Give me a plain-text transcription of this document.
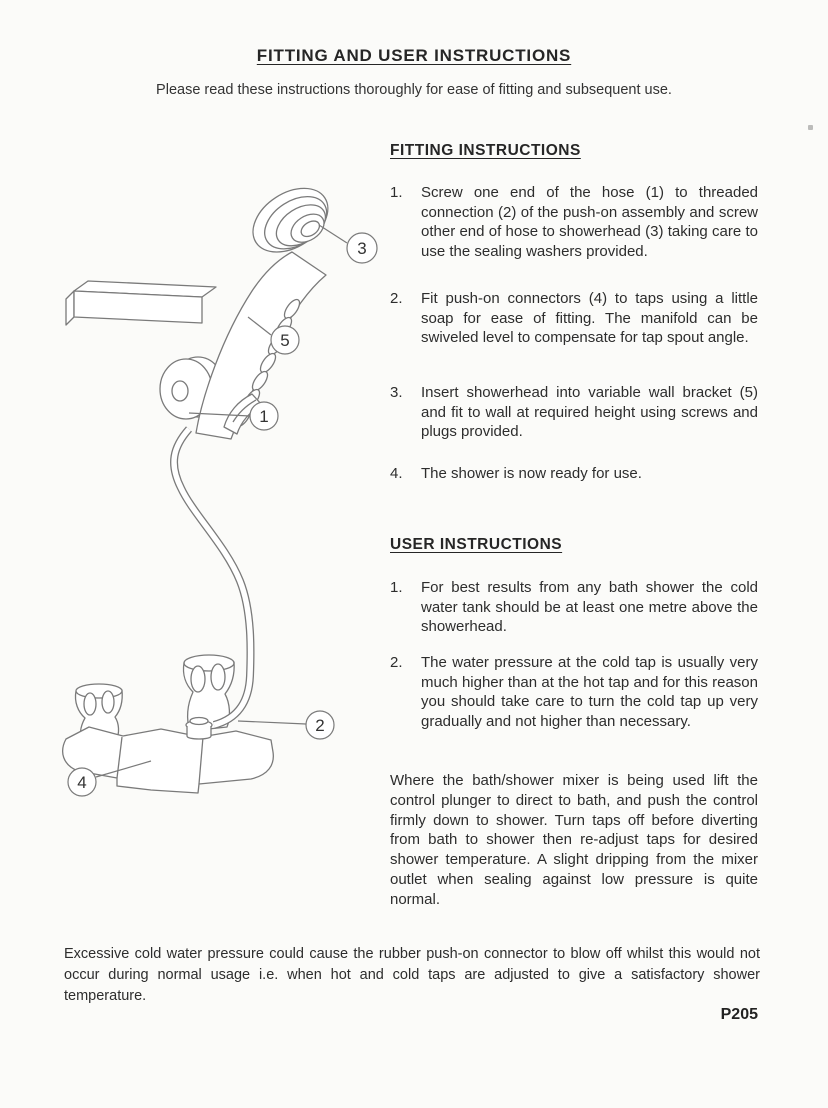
FITTING AND USER INSTRUCTIONS
Please read these instructions thoroughly for ease of fitting and subsequent use.
3
5
1
2
4
FITTING INSTRUCTIONS
1.	Screw one end of the hose (1) to threaded connection (2) of the push-on assembly and screw other end of hose to showerhead (3) taking care to use the sealing washers provided.
2.	Fit push-on connectors (4) to taps using a little soap for ease of fitting. The manifold can be swiveled level to compensate for tap spout angle.
3.	Insert showerhead into variable wall bracket (5) and fit to wall at required height using screws and plugs provided.
4.	The shower is now ready for use.
USER INSTRUCTIONS
1.	For best results from any bath shower the cold water tank should be at least one metre above the showerhead.
2.	The water pressure at the cold tap is usually very much higher than at the hot tap and for this reason you should take care to turn the cold tap up very gradually and not higher than necessary.
Where the bath/shower mixer is being used lift the control plunger to direct to bath, and push the control firmly down to shower. Turn taps off before diverting from bath to shower then re-adjust taps for desired shower temperature. A slight dripping from the mixer outlet when sealing against low pressure is quite normal.
Excessive cold water pressure could cause the rubber push-on connector to blow off whilst this would not occur during normal usage i.e. when hot and cold taps are adjusted to give a satisfactory shower temperature.
P205
